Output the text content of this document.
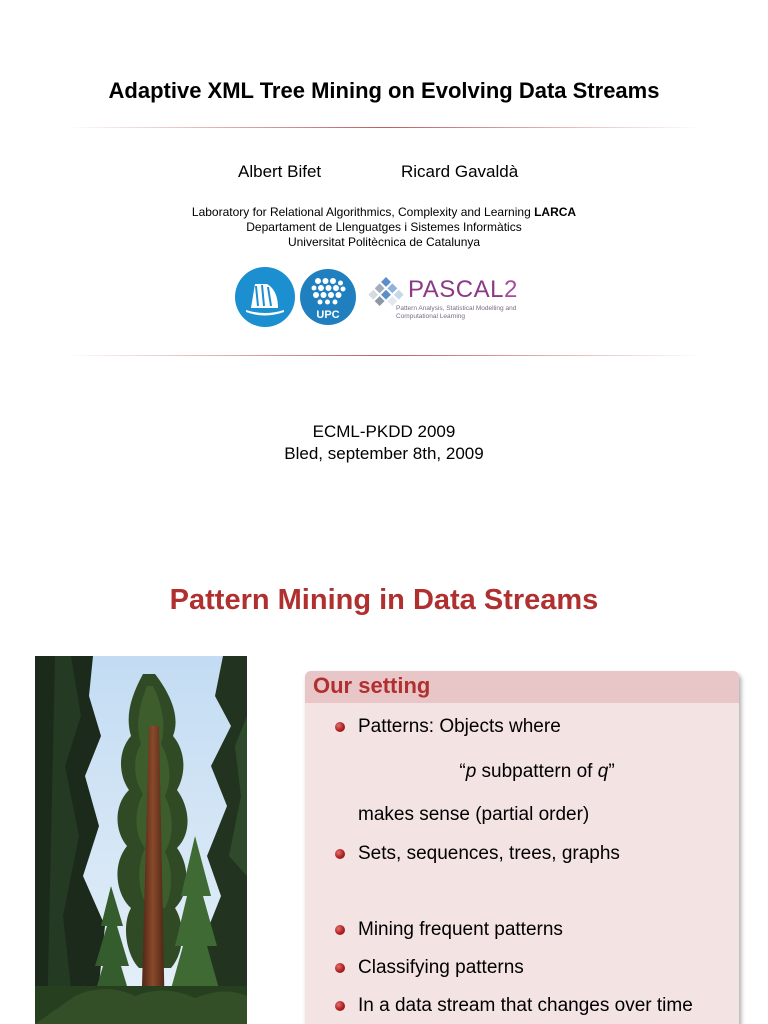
Adaptive XML Tree Mining on Evolving Data Streams
Albert Bifet	Ricard Gavaldà
Laboratory for Relational Algorithmics, Complexity and Learning LARCA
Departament de Llenguatges i Sistemes Informàtics
Universitat Politècnica de Catalunya
UPC
PASCAL2
Pattern Analysis, Statistical Modelling and Computational Learning
ECML-PKDD 2009
Bled, september 8th, 2009
Pattern Mining in Data Streams
Our setting
Patterns: Objects where
“p subpattern of q”
makes sense (partial order)
Sets, sequences, trees, graphs
Mining frequent patterns
Classifying patterns
In a data stream that changes over time
